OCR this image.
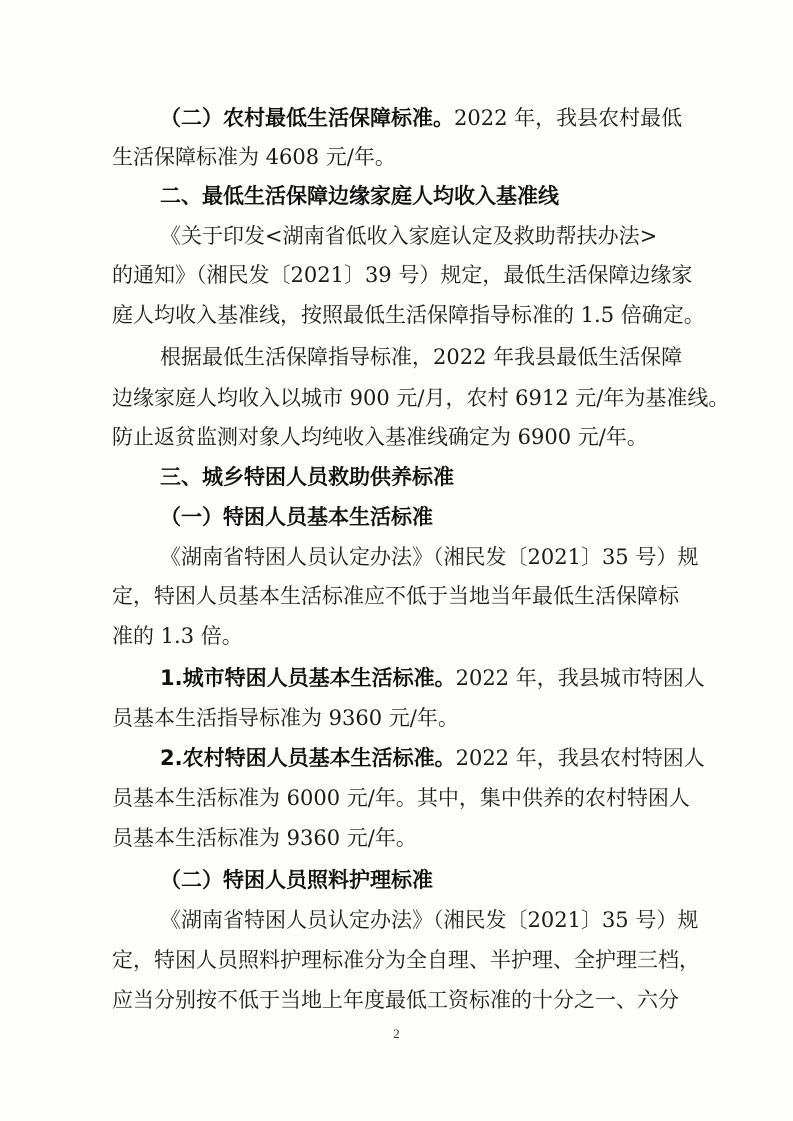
（二）农村最低生活保障标准。2022 年，我县农村最低
生活保障标准为 4608 元/年。
二、最低生活保障边缘家庭人均收入基准线
《关于印发<湖南省低收入家庭认定及救助帮扶办法>
的通知》（湘民发〔2021〕39 号）规定，最低生活保障边缘家
庭人均收入基准线，按照最低生活保障指导标准的 1.5 倍确定。
根据最低生活保障指导标准，2022 年我县最低生活保障
边缘家庭人均收入以城市 900 元/月，农村 6912 元/年为基准线。
防止返贫监测对象人均纯收入基准线确定为 6900 元/年。
三、城乡特困人员救助供养标准
（一）特困人员基本生活标准
《湖南省特困人员认定办法》（湘民发〔2021〕35 号）规
定，特困人员基本生活标准应不低于当地当年最低生活保障标
准的 1.3 倍。
1.城市特困人员基本生活标准。2022 年，我县城市特困人
员基本生活指导标准为 9360 元/年。
2.农村特困人员基本生活标准。2022 年，我县农村特困人
员基本生活标准为 6000 元/年。其中，集中供养的农村特困人
员基本生活标准为 9360 元/年。
（二）特困人员照料护理标准
《湖南省特困人员认定办法》（湘民发〔2021〕35 号）规
定，特困人员照料护理标准分为全自理、半护理、全护理三档，
应当分别按不低于当地上年度最低工资标准的十分之一、六分
2
